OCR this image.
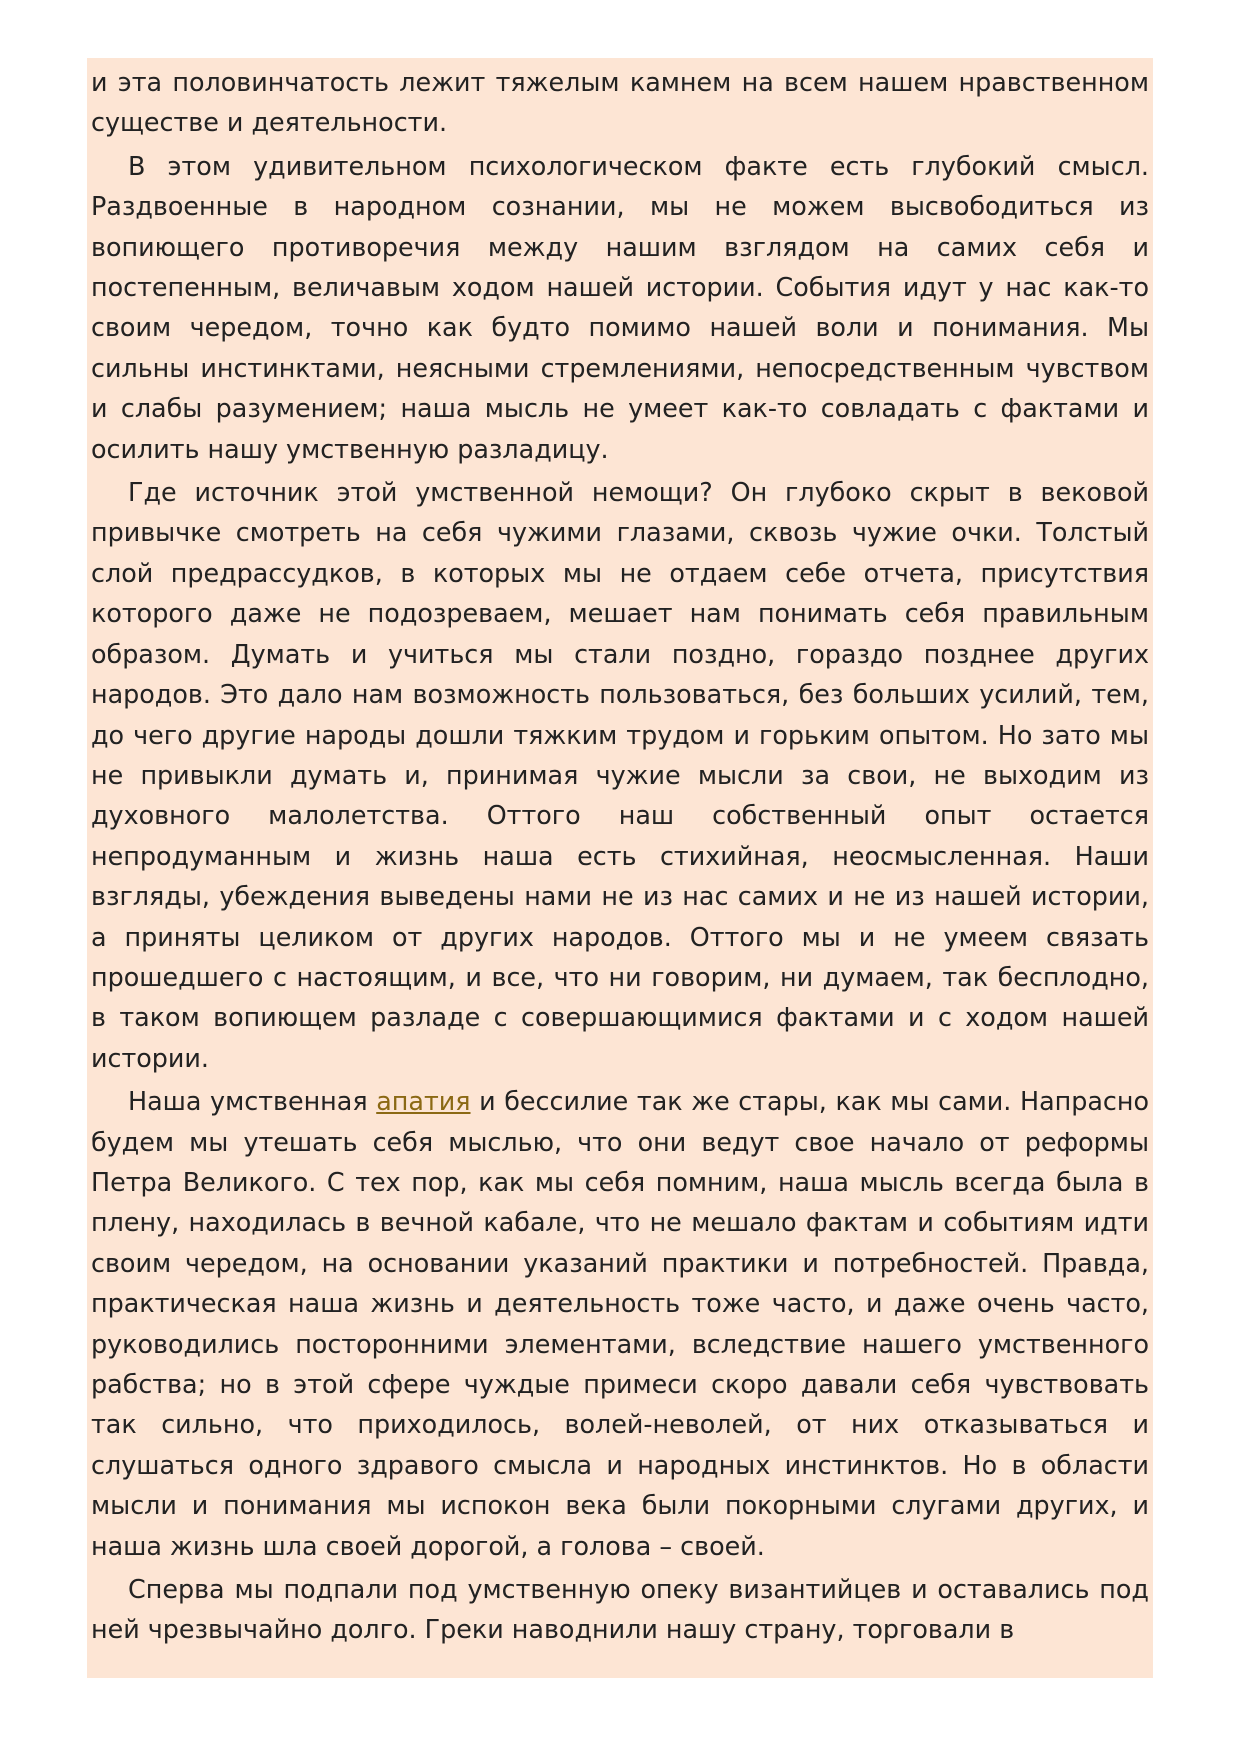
и эта половинчатость лежит тяжелым камнем на всем нашем нравственном существе и деятельности.

В этом удивительном психологическом факте есть глубокий смысл. Раздвоенные в народном сознании, мы не можем высвободиться из вопиющего противоречия между нашим взглядом на самих себя и постепенным, величавым ходом нашей истории. События идут у нас как-то своим чередом, точно как будто помимо нашей воли и понимания. Мы сильны инстинктами, неясными стремлениями, непосредственным чувством и слабы разумением; наша мысль не умеет как-то совладать с фактами и осилить нашу умственную разладицу.

Где источник этой умственной немощи? Он глубоко скрыт в вековой привычке смотреть на себя чужими глазами, сквозь чужие очки. Толстый слой предрассудков, в которых мы не отдаем себе отчета, присутствия которого даже не подозреваем, мешает нам понимать себя правильным образом. Думать и учиться мы стали поздно, гораздо позднее других народов. Это дало нам возможность пользоваться, без больших усилий, тем, до чего другие народы дошли тяжким трудом и горьким опытом. Но зато мы не привыкли думать и, принимая чужие мысли за свои, не выходим из духовного малолетства. Оттого наш собственный опыт остается непродуманным и жизнь наша есть стихийная, неосмысленная. Наши взгляды, убеждения выведены нами не из нас самих и не из нашей истории, а приняты целиком от других народов. Оттого мы и не умеем связать прошедшего с настоящим, и все, что ни говорим, ни думаем, так бесплодно, в таком вопиющем разладе с совершающимися фактами и с ходом нашей истории.

Наша умственная апатия и бессилие так же стары, как мы сами. Напрасно будем мы утешать себя мыслью, что они ведут свое начало от реформы Петра Великого. С тех пор, как мы себя помним, наша мысль всегда была в плену, находилась в вечной кабале, что не мешало фактам и событиям идти своим чередом, на основании указаний практики и потребностей. Правда, практическая наша жизнь и деятельность тоже часто, и даже очень часто, руководились посторонними элементами, вследствие нашего умственного рабства; но в этой сфере чуждые примеси скоро давали себя чувствовать так сильно, что приходилось, волей-неволей, от них отказываться и слушаться одного здравого смысла и народных инстинктов. Но в области мысли и понимания мы испокон века были покорными слугами других, и наша жизнь шла своей дорогой, а голова – своей.

Сперва мы подпали под умственную опеку византийцев и оставались под ней чрезвычайно долго. Греки наводнили нашу страну, торговали в
